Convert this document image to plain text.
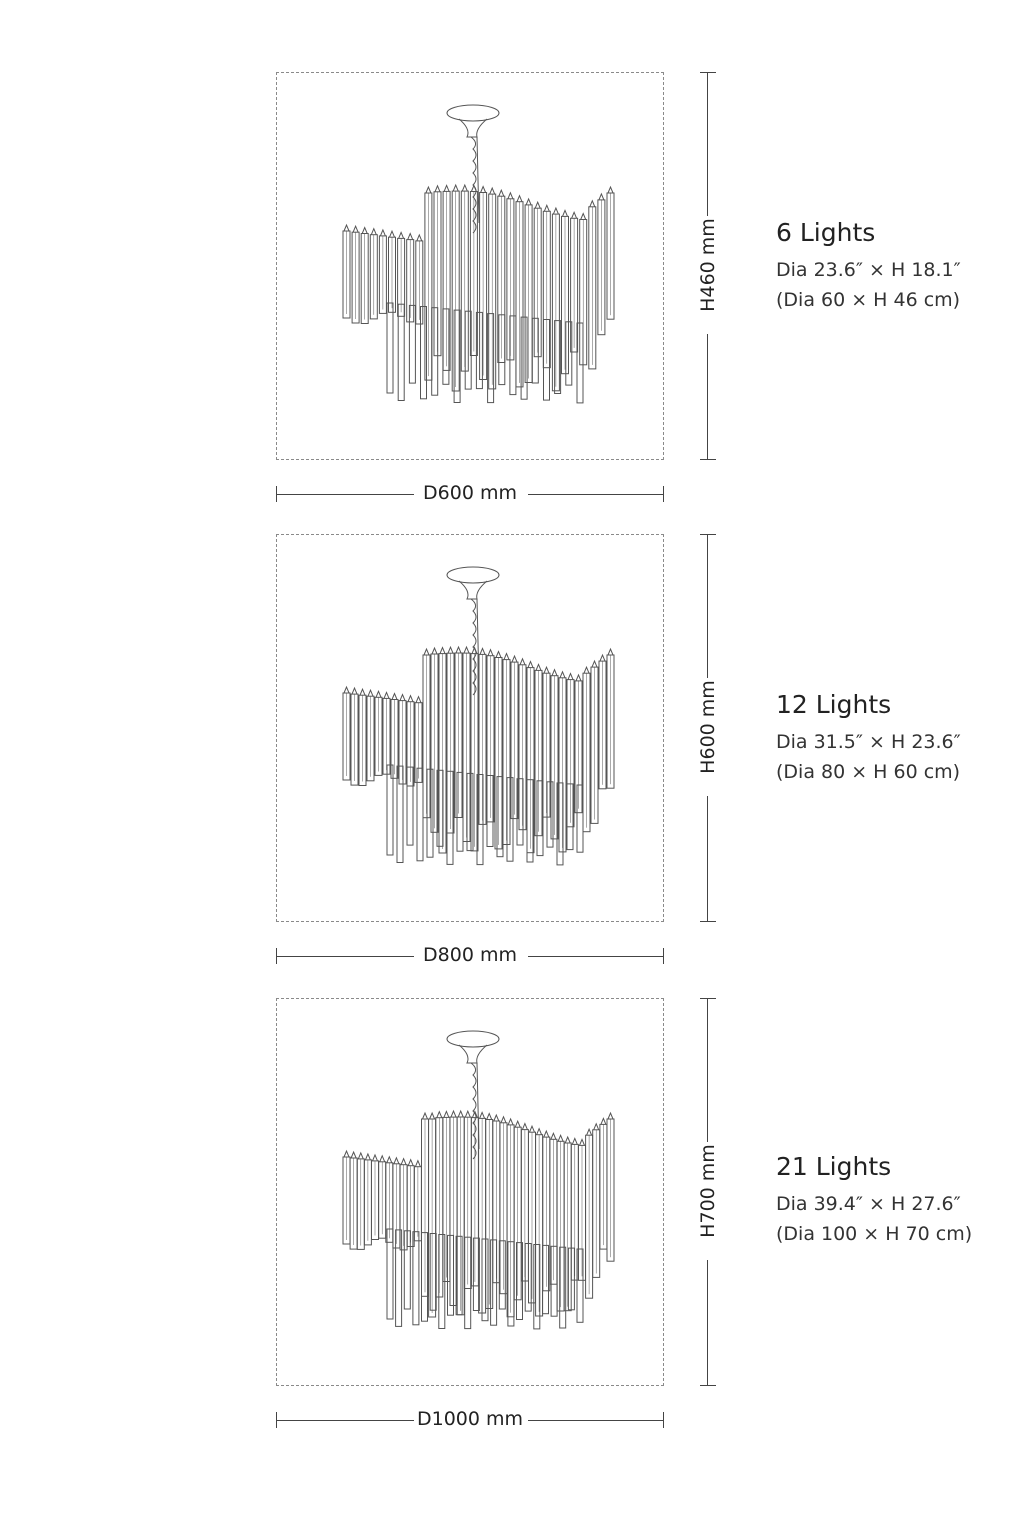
H460 mm
D600 mm
6 Lights
Dia 23.6″ × H 18.1″
(Dia 60 × H 46 cm)
H600 mm
D800 mm
12 Lights
Dia 31.5″ × H 23.6″
(Dia 80 × H 60 cm)
H700 mm
D1000 mm
21 Lights
Dia 39.4″ × H 27.6″
(Dia 100 × H 70 cm)
